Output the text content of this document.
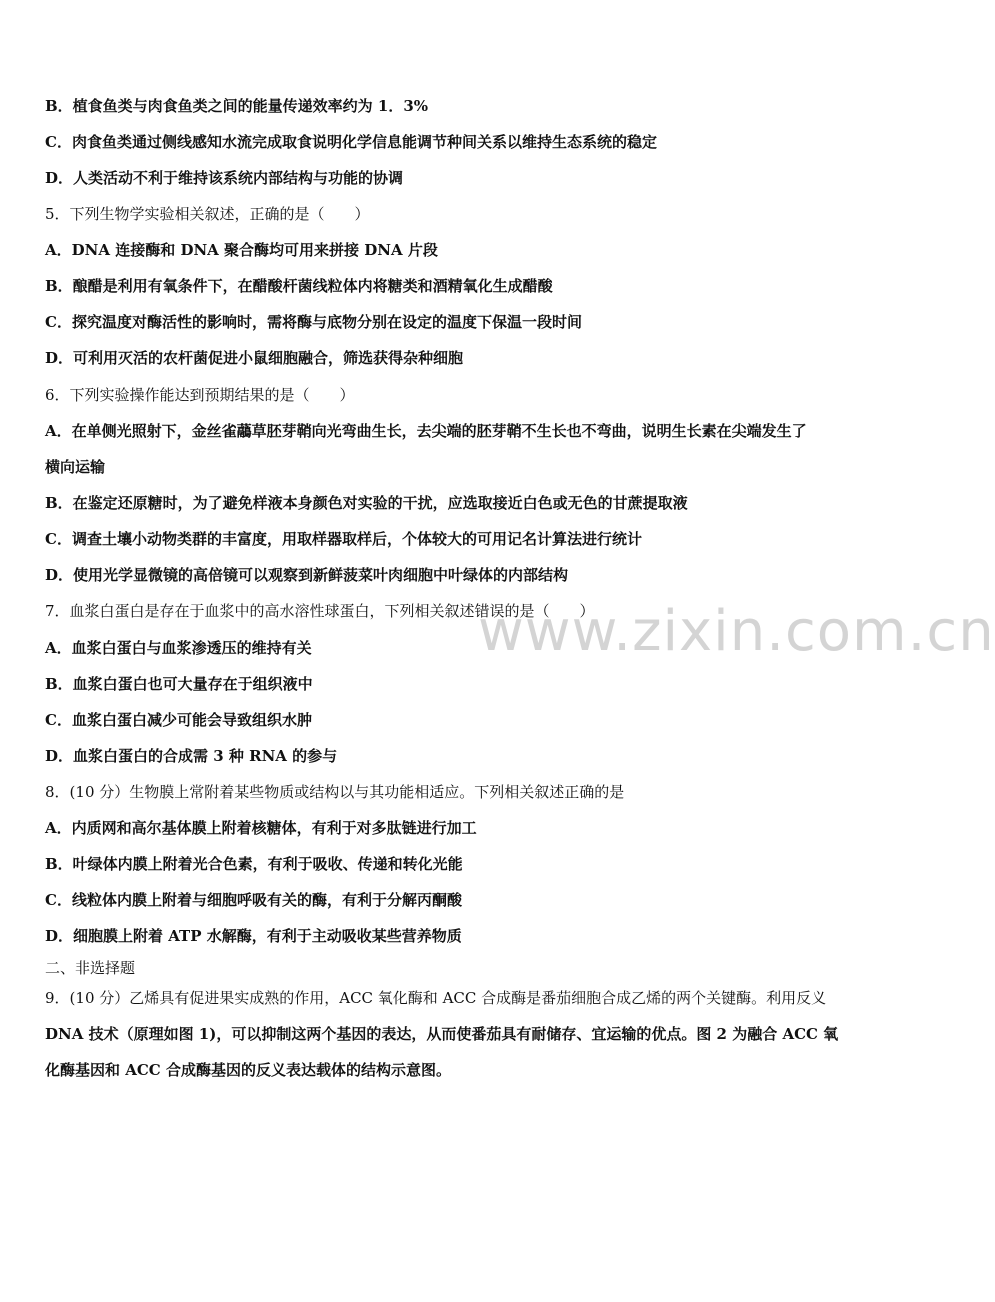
www.zixin.com.cn
B．植食鱼类与肉食鱼类之间的能量传递效率约为 1．3%
C．肉食鱼类通过侧线感知水流完成取食说明化学信息能调节种间关系以维持生态系统的稳定
D．人类活动不利于维持该系统内部结构与功能的协调
5．下列生物学实验相关叙述，正确的是（　　）
A．DNA 连接酶和 DNA 聚合酶均可用来拼接 DNA 片段
B．酿醋是利用有氧条件下，在醋酸杆菌线粒体内将糖类和酒精氧化生成醋酸
C．探究温度对酶活性的影响时，需将酶与底物分别在设定的温度下保温一段时间
D．可利用灭活的农杆菌促进小鼠细胞融合，筛选获得杂种细胞
6．下列实验操作能达到预期结果的是（　　）
A．在单侧光照射下，金丝雀虉草胚芽鞘向光弯曲生长，去尖端的胚芽鞘不生长也不弯曲，说明生长素在尖端发生了
横向运输
B．在鉴定还原糖时，为了避免样液本身颜色对实验的干扰，应选取接近白色或无色的甘蔗提取液
C．调查土壤小动物类群的丰富度，用取样器取样后，个体较大的可用记名计算法进行统计
D．使用光学显微镜的高倍镜可以观察到新鲜菠菜叶肉细胞中叶绿体的内部结构
7．血浆白蛋白是存在于血浆中的高水溶性球蛋白，下列相关叙述错误的是（　　）
A．血浆白蛋白与血浆渗透压的维持有关
B．血浆白蛋白也可大量存在于组织液中
C．血浆白蛋白减少可能会导致组织水肿
D．血浆白蛋白的合成需 3 种 RNA 的参与
8．(10 分）生物膜上常附着某些物质或结构以与其功能相适应。下列相关叙述正确的是
A．内质网和高尔基体膜上附着核糖体，有利于对多肽链进行加工
B．叶绿体内膜上附着光合色素，有利于吸收、传递和转化光能
C．线粒体内膜上附着与细胞呼吸有关的酶，有利于分解丙酮酸
D．细胞膜上附着 ATP 水解酶，有利于主动吸收某些营养物质
二、非选择题
9．(10 分）乙烯具有促进果实成熟的作用，ACC 氧化酶和 ACC 合成酶是番茄细胞合成乙烯的两个关键酶。利用反义
DNA 技术（原理如图 1)，可以抑制这两个基因的表达，从而使番茄具有耐储存、宜运输的优点。图 2 为融合 ACC 氧
化酶基因和 ACC 合成酶基因的反义表达载体的结构示意图。
